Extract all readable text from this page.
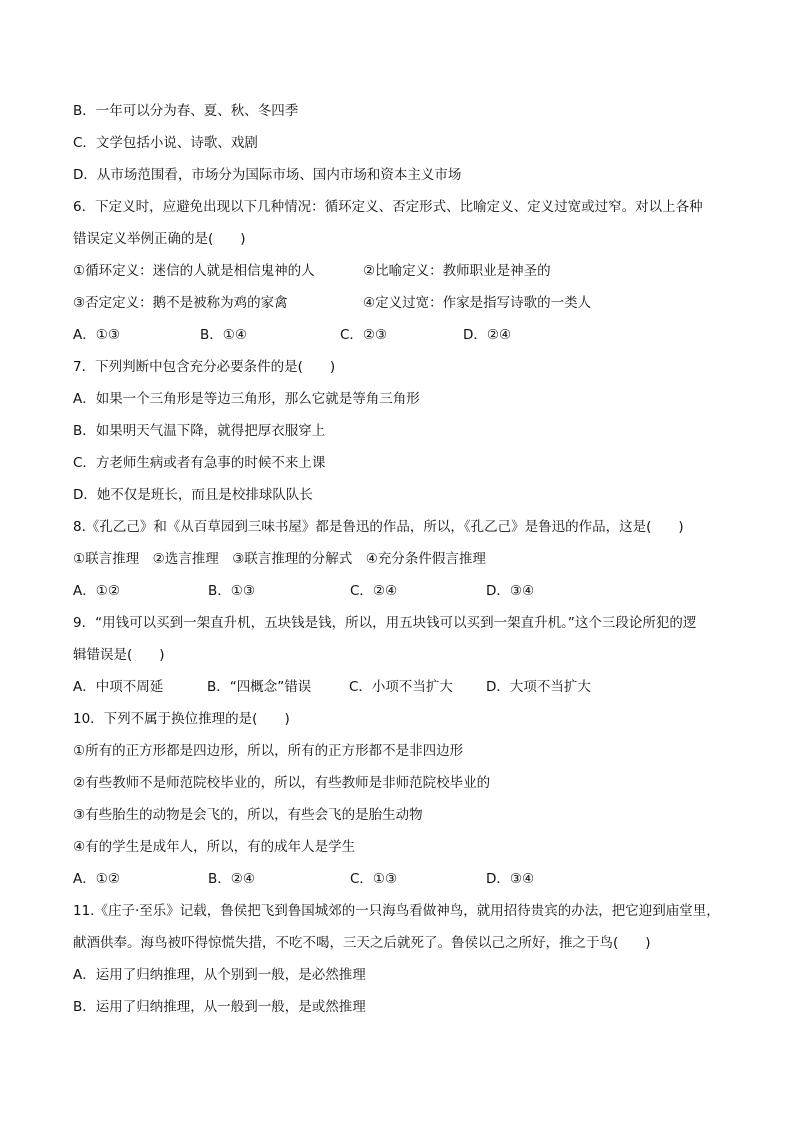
B．一年可以分为春、夏、秋、冬四季
C．文学包括小说、诗歌、戏剧
D．从市场范围看，市场分为国际市场、国内市场和资本主义市场
6．下定义时，应避免出现以下几种情况：循环定义、否定形式、比喻定义、定义过宽或过窄。对以上各种
错误定义举例正确的是(　　)

①循环定义：迷信的人就是相信鬼神的人

	②比喻定义：教师职业是神圣的

③否定定义：鹅不是被称为鸡的家禽

	④定义过宽：作家是指写诗歌的一类人

A．①③

	B．①④

	C．②③

	D．②④

7．下列判断中包含充分必要条件的是(　　)
A．如果一个三角形是等边三角形，那么它就是等角三角形
B．如果明天气温下降，就得把厚衣服穿上
C．方老师生病或者有急事的时候不来上课
D．她不仅是班长，而且是校排球队队长
8.《孔乙己》和《从百草园到三味书屋》都是鲁迅的作品，所以，《孔乙己》是鲁迅的作品，这是(　　)
①联言推理　②选言推理　③联言推理的分解式　④充分条件假言推理

A．①②

	B．①③

	C．②④

	D．③④

9．“用钱可以买到一架直升机，五块钱是钱，所以，用五块钱可以买到一架直升机。”这个三段论所犯的逻
辑错误是(　　)

A．中项不周延

	B．“四概念”错误

	C．小项不当扩大

D．大项不当扩大

10．下列不属于换位推理的是(　　)
①所有的正方形都是四边形，所以，所有的正方形都不是非四边形
②有些教师不是师范院校毕业的，所以，有些教师是非师范院校毕业的
③有些胎生的动物是会飞的，所以，有些会飞的是胎生动物
④有的学生是成年人，所以，有的成年人是学生

A．①②

	B．②④

	C．①③

	D．③④

11.《庄子·至乐》记载，鲁侯把飞到鲁国城郊的一只海鸟看做神鸟，就用招待贵宾的办法，把它迎到庙堂里，
献酒供奉。海鸟被吓得惊慌失措，不吃不喝，三天之后就死了。鲁侯以己之所好，推之于鸟(　　)
A．运用了归纳推理，从个别到一般，是必然推理
B．运用了归纳推理，从一般到一般，是或然推理
